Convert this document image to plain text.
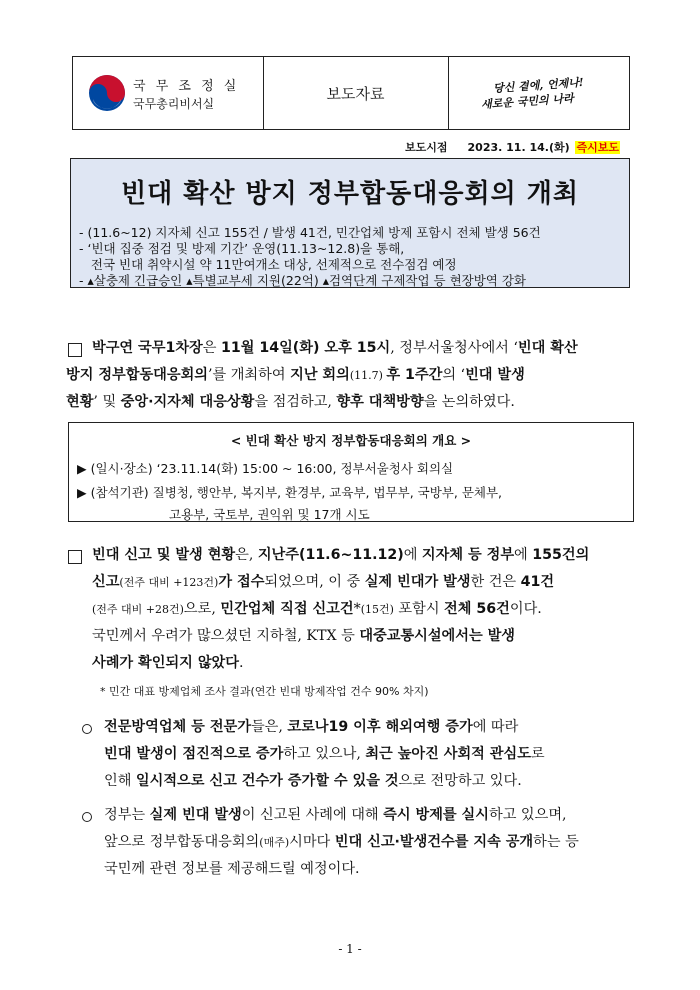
국 무 조 정 실
국무총리비서실
보도자료	당신 곁에, 언제나!
새로운 국민의 나라
보도시점 2023. 11. 14.(화) 즉시보도
빈대 확산 방지 정부합동대응회의 개최
- (11.6~12) 지자체 신고 155건 / 발생 41건, 민간업체 방제 포함시 전체 발생 56건
- ‘빈대 집중 점검 및 방제 기간’ 운영(11.13~12.8)을 통해,
전국 빈대 취약시설 약 11만여개소 대상, 선제적으로 전수점검 예정
- ▴살충제 긴급승인 ▴특별교부세 지원(22억) ▴검역단계 구제작업 등 현장방역 강화
박구연 국무1차장은 11월 14일(화) 오후 15시, 정부서울청사에서 ‘빈대 확산
방지 정부합동대응회의’를 개최하여 지난 회의(11.7) 후 1주간의 ‘빈대 발생
현황’ 및 중앙·지자체 대응상황을 점검하고, 향후 대책방향을 논의하였다.
< 빈대 확산 방지 정부합동대응회의 개요 >
▶ (일시·장소) ‘23.11.14(화) 15:00 ~ 16:00, 정부서울청사 회의실
▶ (참석기관) 질병청, 행안부, 복지부, 환경부, 교육부, 법무부, 국방부, 문체부,
고용부, 국토부, 권익위 및 17개 시도
빈대 신고 및 발생 현황은, 지난주(11.6~11.12)에 지자체 등 정부에 155건의
신고(전주 대비 +123건)가 접수되었으며, 이 중 실제 빈대가 발생한 건은 41건
(전주 대비 +28건)으로, 민간업체 직접 신고건*(15건) 포함시 전체 56건이다.
국민께서 우려가 많으셨던 지하철, KTX 등 대중교통시설에서는 발생
사례가 확인되지 않았다.
* 민간 대표 방제업체 조사 결과(연간 빈대 방제작업 건수 90% 차지)
전문방역업체 등 전문가들은, 코로나19 이후 해외여행 증가에 따라
빈대 발생이 점진적으로 증가하고 있으나, 최근 높아진 사회적 관심도로
인해 일시적으로 신고 건수가 증가할 수 있을 것으로 전망하고 있다.
정부는 실제 빈대 발생이 신고된 사례에 대해 즉시 방제를 실시하고 있으며,
앞으로 정부합동대응회의(매주)시마다 빈대 신고·발생건수를 지속 공개하는 등
국민께 관련 정보를 제공해드릴 예정이다.
- 1 -
